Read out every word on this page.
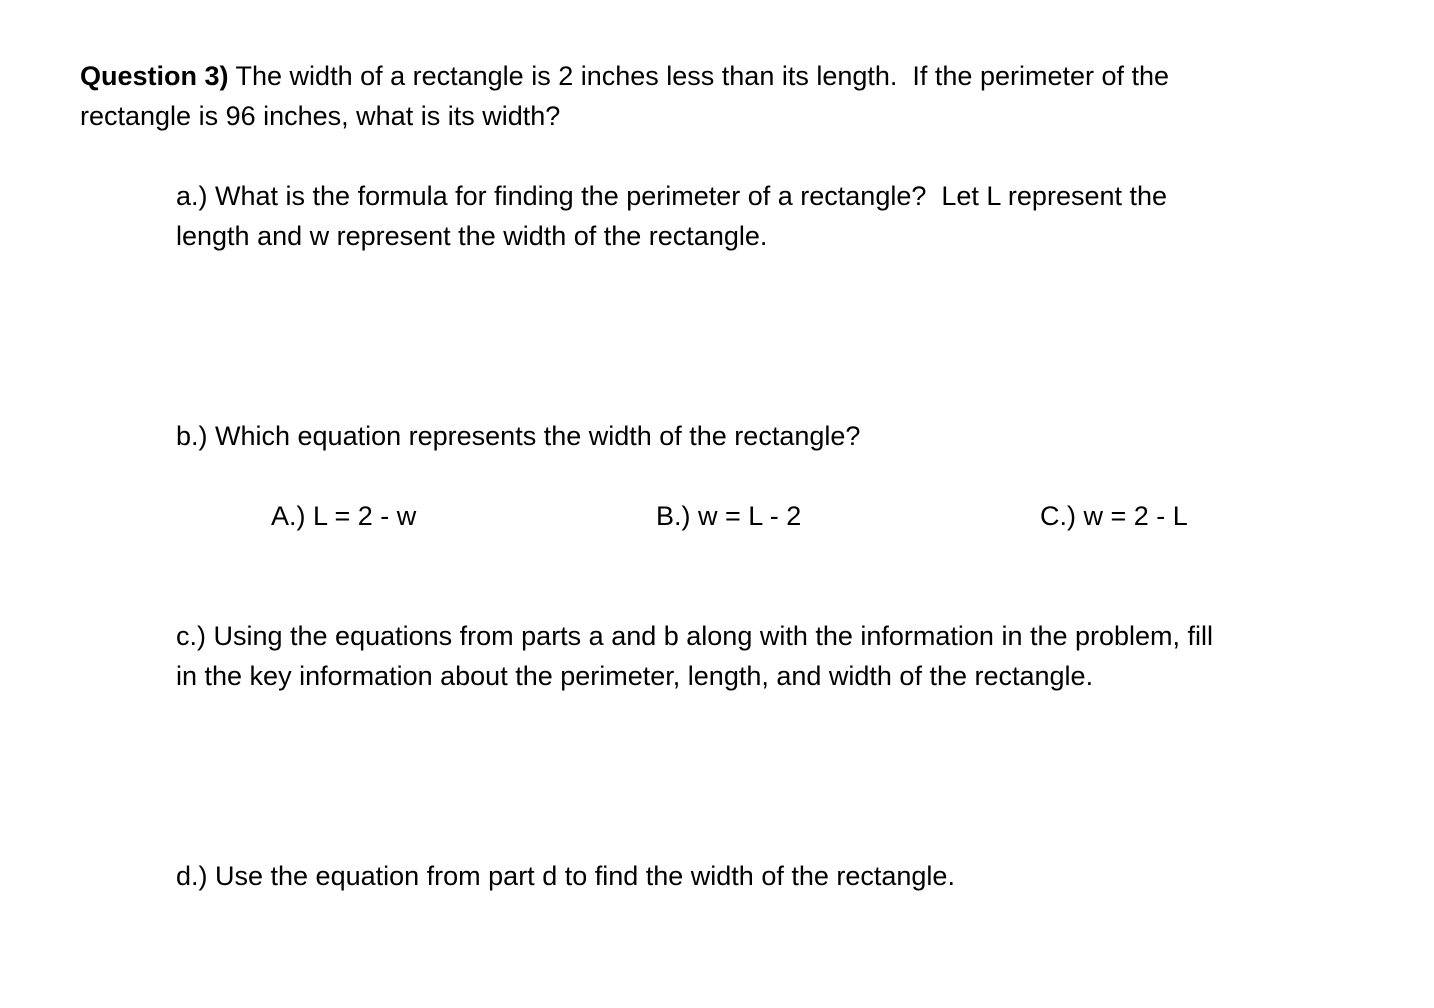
Question 3) The width of a rectangle is 2 inches less than its length.  If the perimeter of the
rectangle is 96 inches, what is its width?
a.) What is the formula for finding the perimeter of a rectangle?  Let L represent the
length and w represent the width of the rectangle.
b.) Which equation represents the width of the rectangle?
A.) L = 2 - w	B.) w = L - 2	C.) w = 2 - L
c.) Using the equations from parts a and b along with the information in the problem, fill
in the key information about the perimeter, length, and width of the rectangle.
d.) Use the equation from part d to find the width of the rectangle.
